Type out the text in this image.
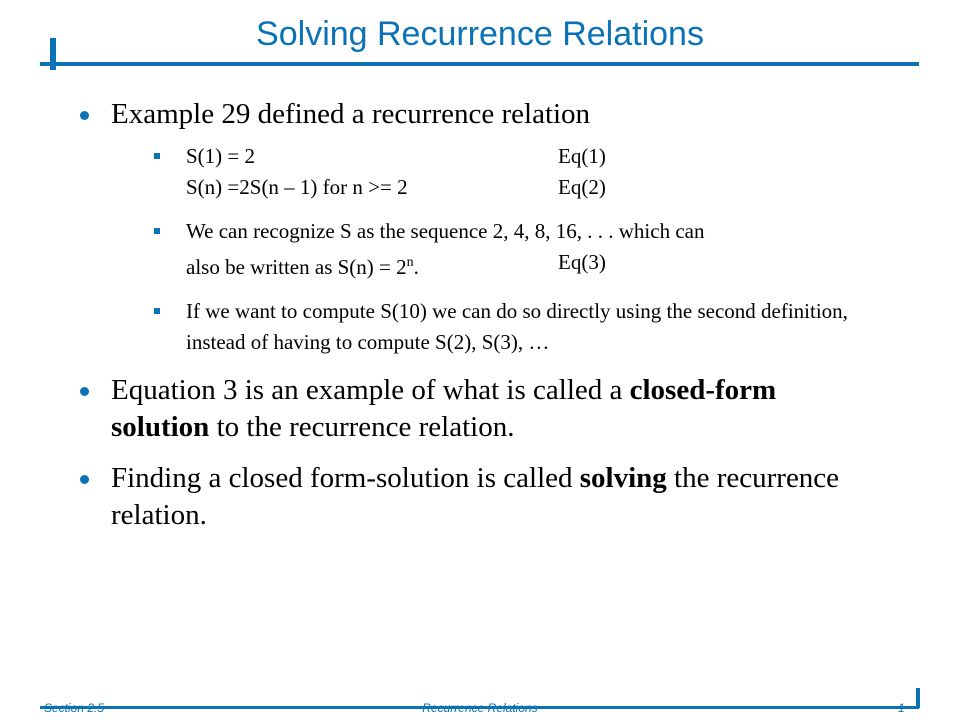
Solving Recurrence Relations
Example 29 defined a recurrence relation
S(1) = 2	Eq(1)
S(n) =2S(n – 1) for n >= 2	Eq(2)
We can recognize S as the sequence 2, 4, 8, 16, . . . which can
also be written as $S(n) = 2^n$.	Eq(3)
If we want to compute S(10) we can do so directly using the second definition, instead of having to compute S(2), S(3), …
Equation 3 is an example of what is called a closed-form solution to the recurrence relation.
Finding a closed form-solution is called solving the recurrence relation.
Section 2.5	Recurrence Relations	1
